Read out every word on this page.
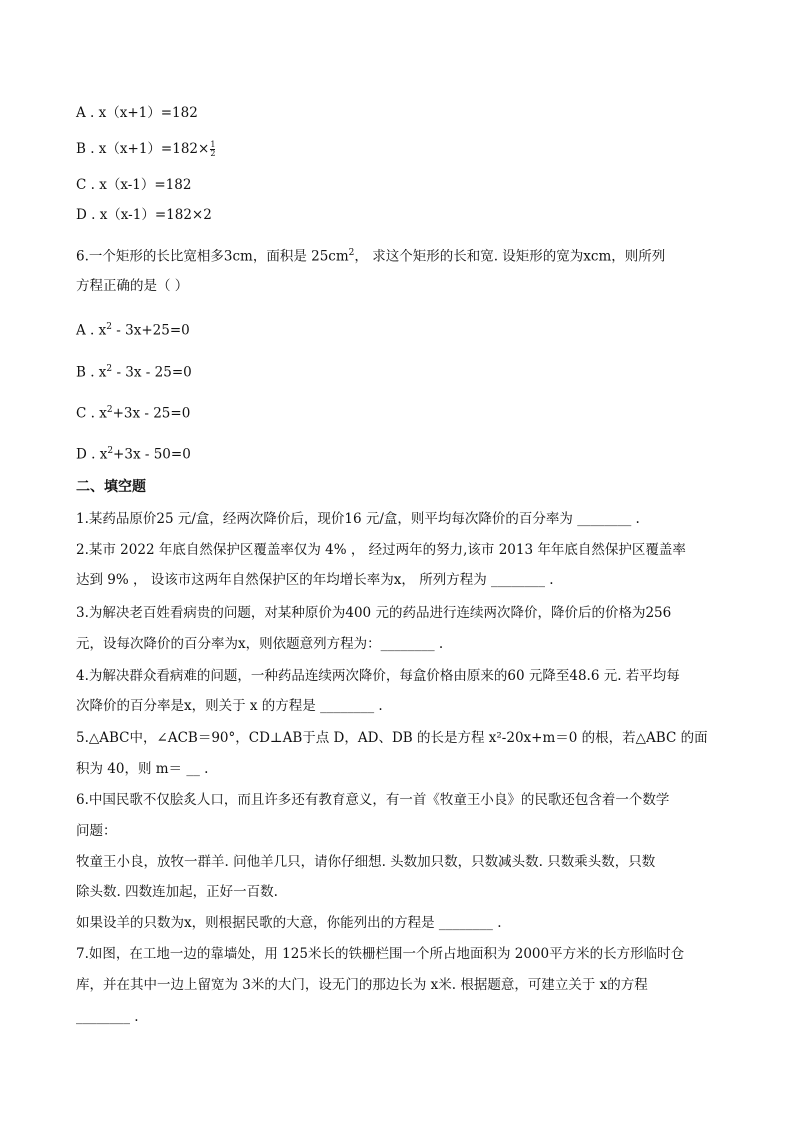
A . x（x+1）=182
B . $x(x+1)=182\times \frac{1}{2}$
C . x（x-1）=182
D . x（x-1）=182×2
6.一个矩形的长比宽相多3cm，面积是 $25cm^2$， 求这个矩形的长和宽. 设矩形的宽为xcm，则所列
方程正确的是（ ）
A . $x^2 - 3x+25=0$
B . $x^2 - 3x - 25=0$
C . $x^2+3x - 25=0$
D . $x^2+3x - 50=0$
二、填空题
1.某药品原价25 元/盒，经两次降价后，现价16 元/盒，则平均每次降价的百分率为 ________ .
2.某市 2022 年底自然保护区覆盖率仅为 4% ， 经过两年的努力,该市 2013 年年底自然保护区覆盖率
达到 9% ， 设该市这两年自然保护区的年均增长率为x， 所列方程为 ________ .
3.为解决老百姓看病贵的问题，对某种原价为400 元的药品进行连续两次降价，降价后的价格为256
元，设每次降价的百分率为x，则依题意列方程为：________ .
4.为解决群众看病难的问题，一种药品连续两次降价，每盒价格由原来的60 元降至48.6 元. 若平均每
次降价的百分率是x，则关于 x 的方程是 ________ .
5.△ABC中，∠ACB＝90°，CD⊥AB于点 D，AD、DB 的长是方程 x²-20x+m＝0 的根，若△ABC 的面
积为 40，则 m＝ __ .
6.中国民歌不仅脍炙人口，而且许多还有教育意义，有一首《牧童王小良》的民歌还包含着一个数学
问题：
牧童王小良，放牧一群羊. 问他羊几只，请你仔细想. 头数加只数，只数减头数. 只数乘头数，只数
除头数. 四数连加起，正好一百数.
如果设羊的只数为x，则根据民歌的大意，你能列出的方程是 ________ .
7.如图，在工地一边的靠墙处，用 125米长的铁栅栏围一个所占地面积为 2000平方米的长方形临时仓
库，并在其中一边上留宽为 3米的大门，设无门的那边长为 x米. 根据题意，可建立关于 x的方程
________ .
